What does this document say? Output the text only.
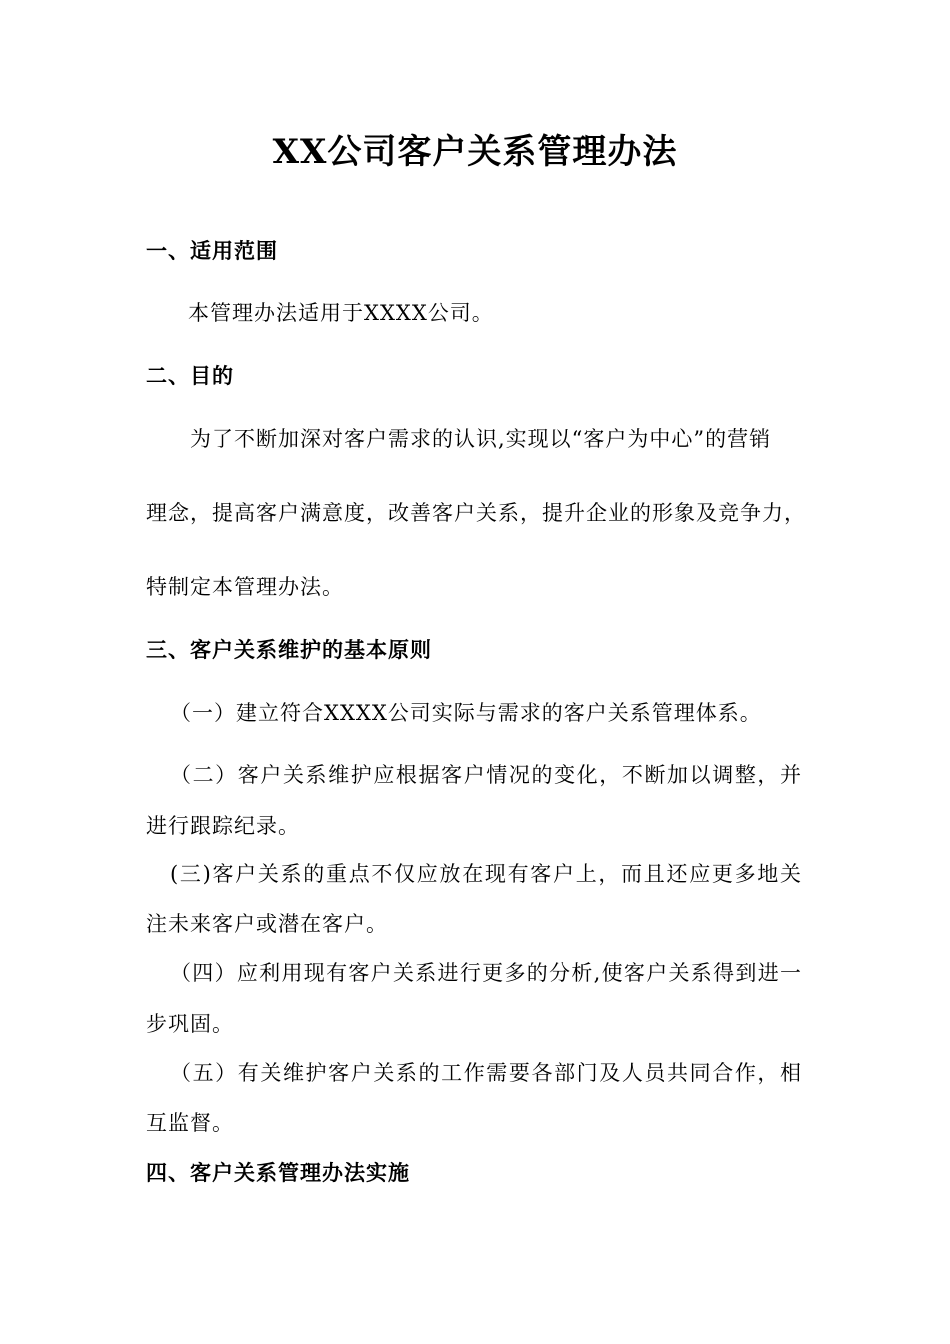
XX公司客户关系管理办法
一、适用范围
本管理办法适用于XXXX公司。
二、目的
为了不断加深对客户需求的认识,实现以“客户为中心”的营销
理念，提高客户满意度，改善客户关系，提升企业的形象及竞争力，
特制定本管理办法。
三、客户关系维护的基本原则
（一）建立符合XXXX公司实际与需求的客户关系管理体系。
（二）客户关系维护应根据客户情况的变化，不断加以调整，并
进行跟踪纪录。
(三)客户关系的重点不仅应放在现有客户上，而且还应更多地关
注未来客户或潜在客户。
（四）应利用现有客户关系进行更多的分析,使客户关系得到进一
步巩固。
（五）有关维护客户关系的工作需要各部门及人员共同合作，相
互监督。
四、客户关系管理办法实施
